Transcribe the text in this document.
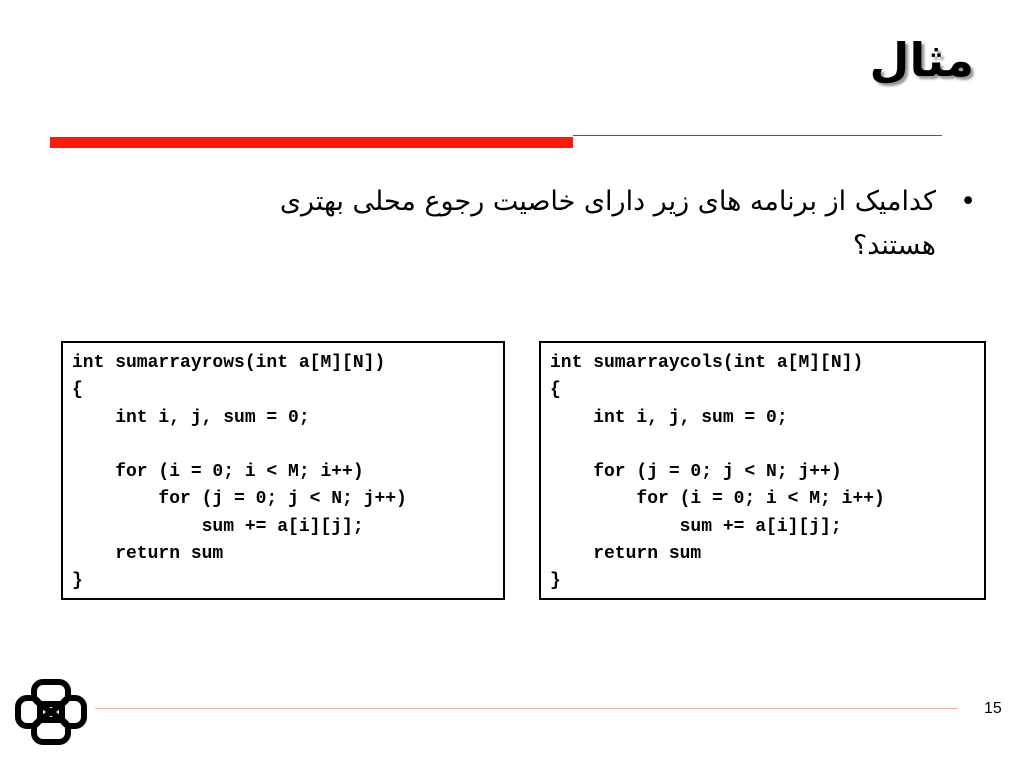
مثال
•
کدامیک از برنامه های زیر دارای خاصیت رجوع محلی بهتری
هستند؟
int sumarrayrows(int a[M][N])
{
int i, j, sum = 0;
for (i = 0; i < M; i++)
for (j = 0; j < N; j++)
sum += a[i][j];
return sum
}
int sumarraycols(int a[M][N])
{
int i, j, sum = 0;
for (j = 0; j < N; j++)
for (i = 0; i < M; i++)
sum += a[i][j];
return sum
}
15
